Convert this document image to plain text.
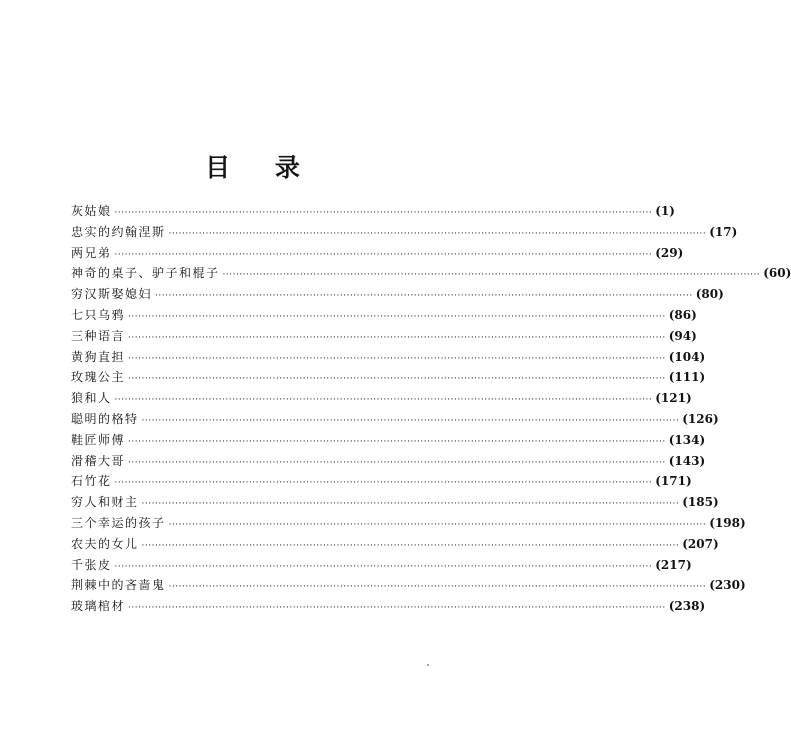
目 录
灰姑娘 ································································································································································ (1)
忠实的约翰涅斯 ································································································································································ (17)
两兄弟 ································································································································································ (29)
神奇的桌子、驴子和棍子 ································································································································································ (60)
穷汉斯娶媳妇 ································································································································································ (80)
七只乌鸦 ································································································································································ (86)
三种语言 ································································································································································ (94)
黄狗直担 ································································································································································ (104)
玫瑰公主 ································································································································································ (111)
狼和人 ································································································································································ (121)
聪明的格特 ································································································································································ (126)
鞋匠师傅 ································································································································································ (134)
滑稽大哥 ································································································································································ (143)
石竹花 ································································································································································ (171)
穷人和财主 ································································································································································ (185)
三个幸运的孩子 ································································································································································ (198)
农夫的女儿 ································································································································································ (207)
千张皮 ································································································································································ (217)
荆棘中的吝啬鬼 ································································································································································ (230)
玻璃棺材 ································································································································································ (238)
